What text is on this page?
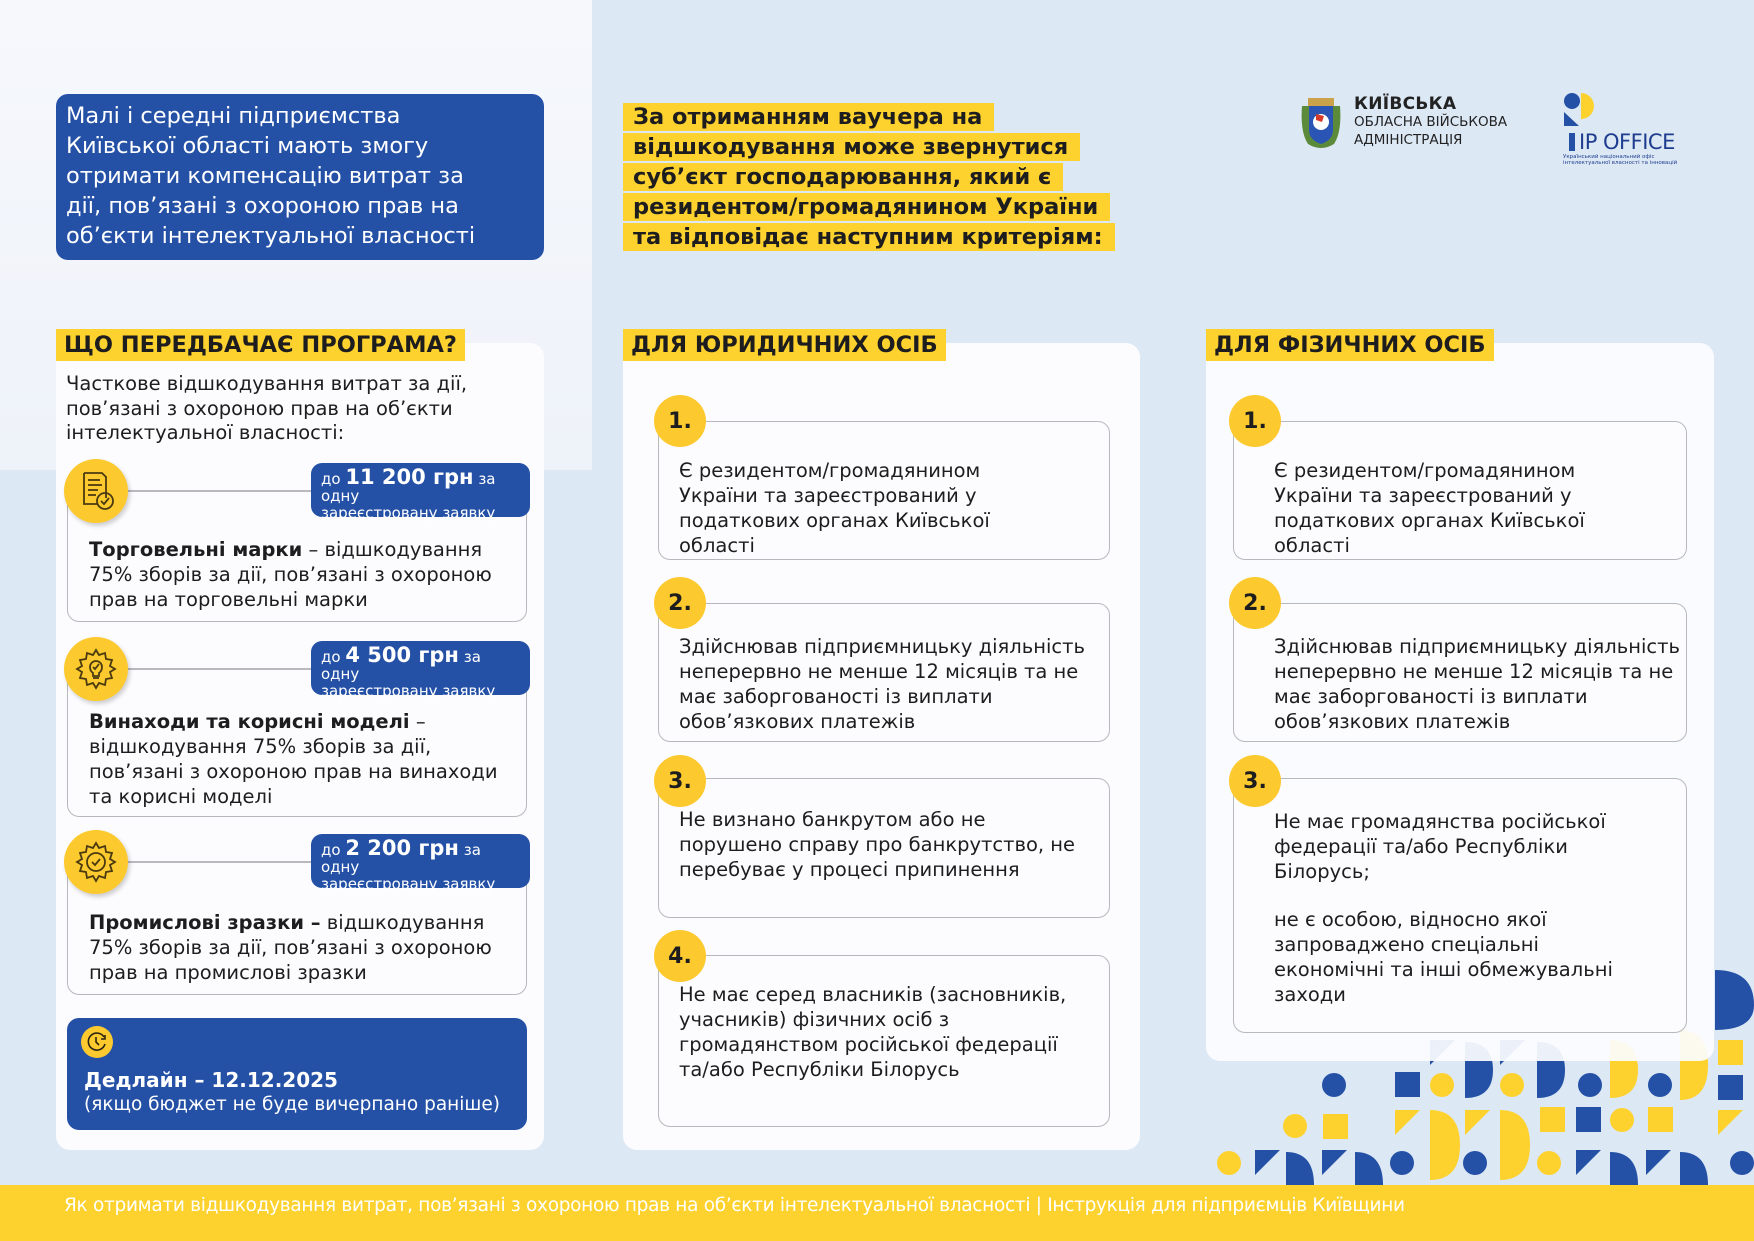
Малі і середні підприємства
Київської області мають змогу
отримати компенсацію витрат за
дії, пов’язані з охороною прав на
об’єкти інтелектуальної власності
За отриманням ваучера на
відшкодування може звернутися
суб’єкт господарювання, який є
резидентом/громадянином України
та відповідає наступним критеріям:
КИЇВСЬКА
ОБЛАСНА ВІЙСЬКОВА
АДМІНІСТРАЦІЯ	IP OFFICE
Український національний офіс
інтелектуальної власності та інновацій
ЩО ПЕРЕДБАЧАЄ ПРОГРАМА?
Часткове відшкодування витрат за дії, пов’язані з охороною прав на об’єкти інтелектуальної власності:
Торговельні марки – відшкодування 75% зборів за дії, пов’язані з охороною прав на торговельні марки
до 11 200 грн за одну
зареєстровану заявку
Винаходи та корисні моделі – відшкодування 75% зборів за дії, пов’язані з охороною прав на винаходи та корисні моделі
до 4 500 грн за одну
зареєстровану заявку
Промислові зразки – відшкодування 75% зборів за дії, пов’язані з охороною прав на промислові зразки
до 2 200 грн за одну
зареєстровану заявку
Дедлайн – 12.12.2025
(якщо бюджет не буде вичерпано раніше)
ДЛЯ ЮРИДИЧНИХ ОСІБ
1.
Є резидентом/громадянином України та зареєстрований у податкових органах Київської області
2.
Здійснював підприємницьку діяльність неперервно не менше 12 місяців та не має заборгованості із виплати обов’язкових платежів
3.
Не визнано банкрутом або не порушено справу про банкрутство, не перебуває у процесі припинення
4.
Не має серед власників (засновників, учасників) фізичних осіб з громадянством російської федерації та/або Республіки Білорусь
ДЛЯ ФІЗИЧНИХ ОСІБ
1.
Є резидентом/громадянином України та зареєстрований у податкових органах Київської області
2.
Здійснював підприємницьку діяльність неперервно не менше 12 місяців та не має заборгованості із виплати обов’язкових платежів
3.
Не має громадянства російської федерації та/або Республіки Білорусь;
не є особою, відносно якої запроваджено спеціальні економічні та інші обмежувальні заходи
Як отримати відшкодування витрат, пов’язані з охороною прав на об’єкти інтелектуальної власності | Інструкція для підприємців Київщини
